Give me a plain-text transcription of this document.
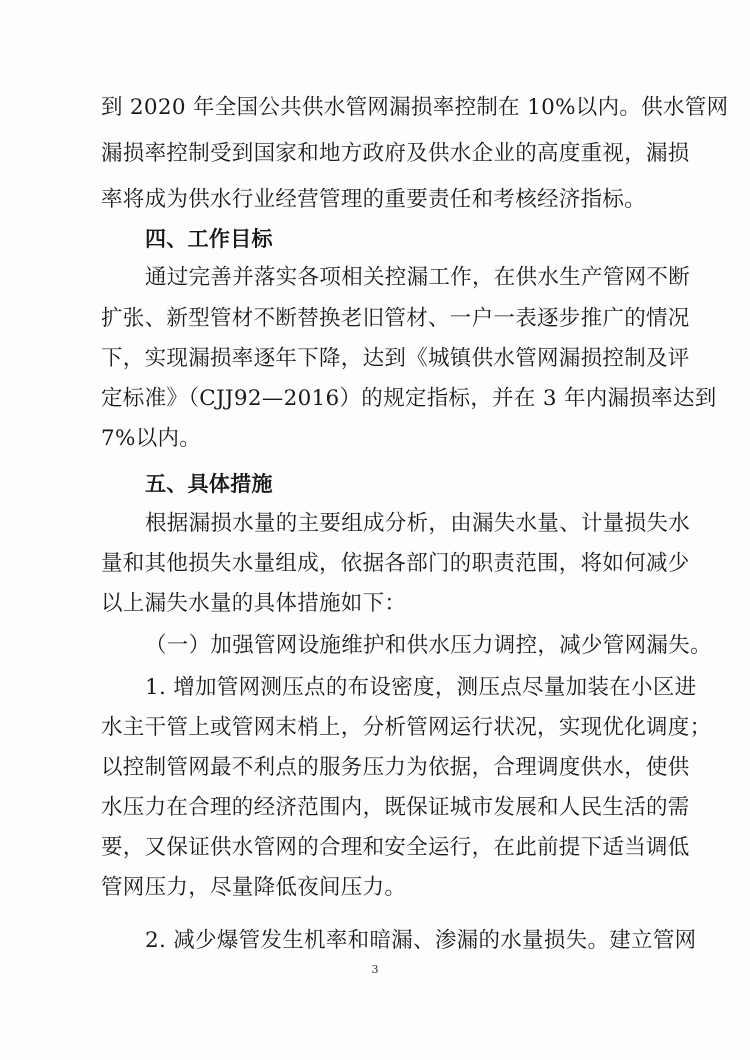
到 2020 年全国公共供水管网漏损率控制在 10%以内。供水管网
漏损率控制受到国家和地方政府及供水企业的高度重视，漏损
率将成为供水行业经营管理的重要责任和考核经济指标。
四、工作目标
通过完善并落实各项相关控漏工作，在供水生产管网不断
扩张、新型管材不断替换老旧管材、一户一表逐步推广的情况
下，实现漏损率逐年下降，达到《城镇供水管网漏损控制及评
定标准》（CJJ92—2016）的规定指标，并在 3 年内漏损率达到
7%以内。
五、具体措施
根据漏损水量的主要组成分析，由漏失水量、计量损失水
量和其他损失水量组成，依据各部门的职责范围，将如何减少
以上漏失水量的具体措施如下：
（一）加强管网设施维护和供水压力调控，减少管网漏失。
1. 增加管网测压点的布设密度，测压点尽量加装在小区进
水主干管上或管网末梢上，分析管网运行状况，实现优化调度；
以控制管网最不利点的服务压力为依据，合理调度供水，使供
水压力在合理的经济范围内，既保证城市发展和人民生活的需
要，又保证供水管网的合理和安全运行，在此前提下适当调低
管网压力，尽量降低夜间压力。
3
2. 减少爆管发生机率和暗漏、渗漏的水量损失。建立管网
